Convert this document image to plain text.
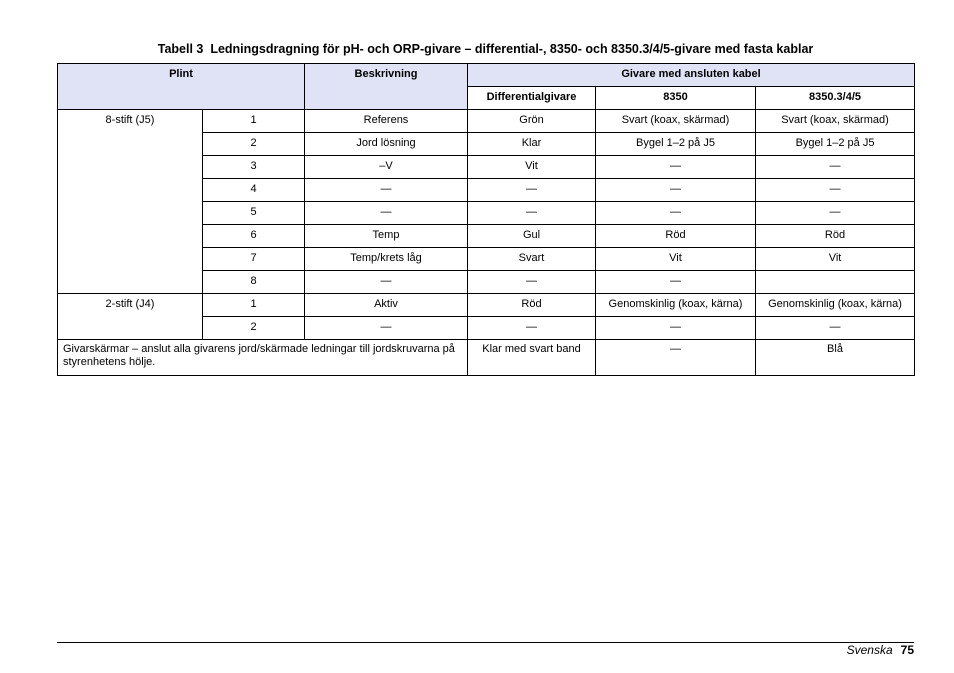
Tabell 3 Ledningsdragning för pH- och ORP-givare – differential-, 8350- och 8350.3/4/5-givare med fasta kablar
Plint		Beskrivning	Givare med ansluten kabel		
			Differentialgivare	8350	8350.3/4/5
8-stift (J5)	1	Referens	Grön	Svart (koax, skärmad)	Svart (koax, skärmad)
	2	Jord lösning	Klar	Bygel 1–2 på J5	Bygel 1–2 på J5
	3	–V	Vit	—	—
	4	—	—	—	—
	5	—	—	—	—
	6	Temp	Gul	Röd	Röd
	7	Temp/krets låg	Svart	Vit	Vit
	8	—	—	—	
2-stift (J4)	1	Aktiv	Röd	Genomskinlig (koax, kärna)	Genomskinlig (koax, kärna)
	2	—	—	—	—
Givarskärmar – anslut alla givarens jord/skärmade ledningar till jordskruvarna på styrenhetens hölje.			Klar med svart band	—	Blå
Svenska 75
